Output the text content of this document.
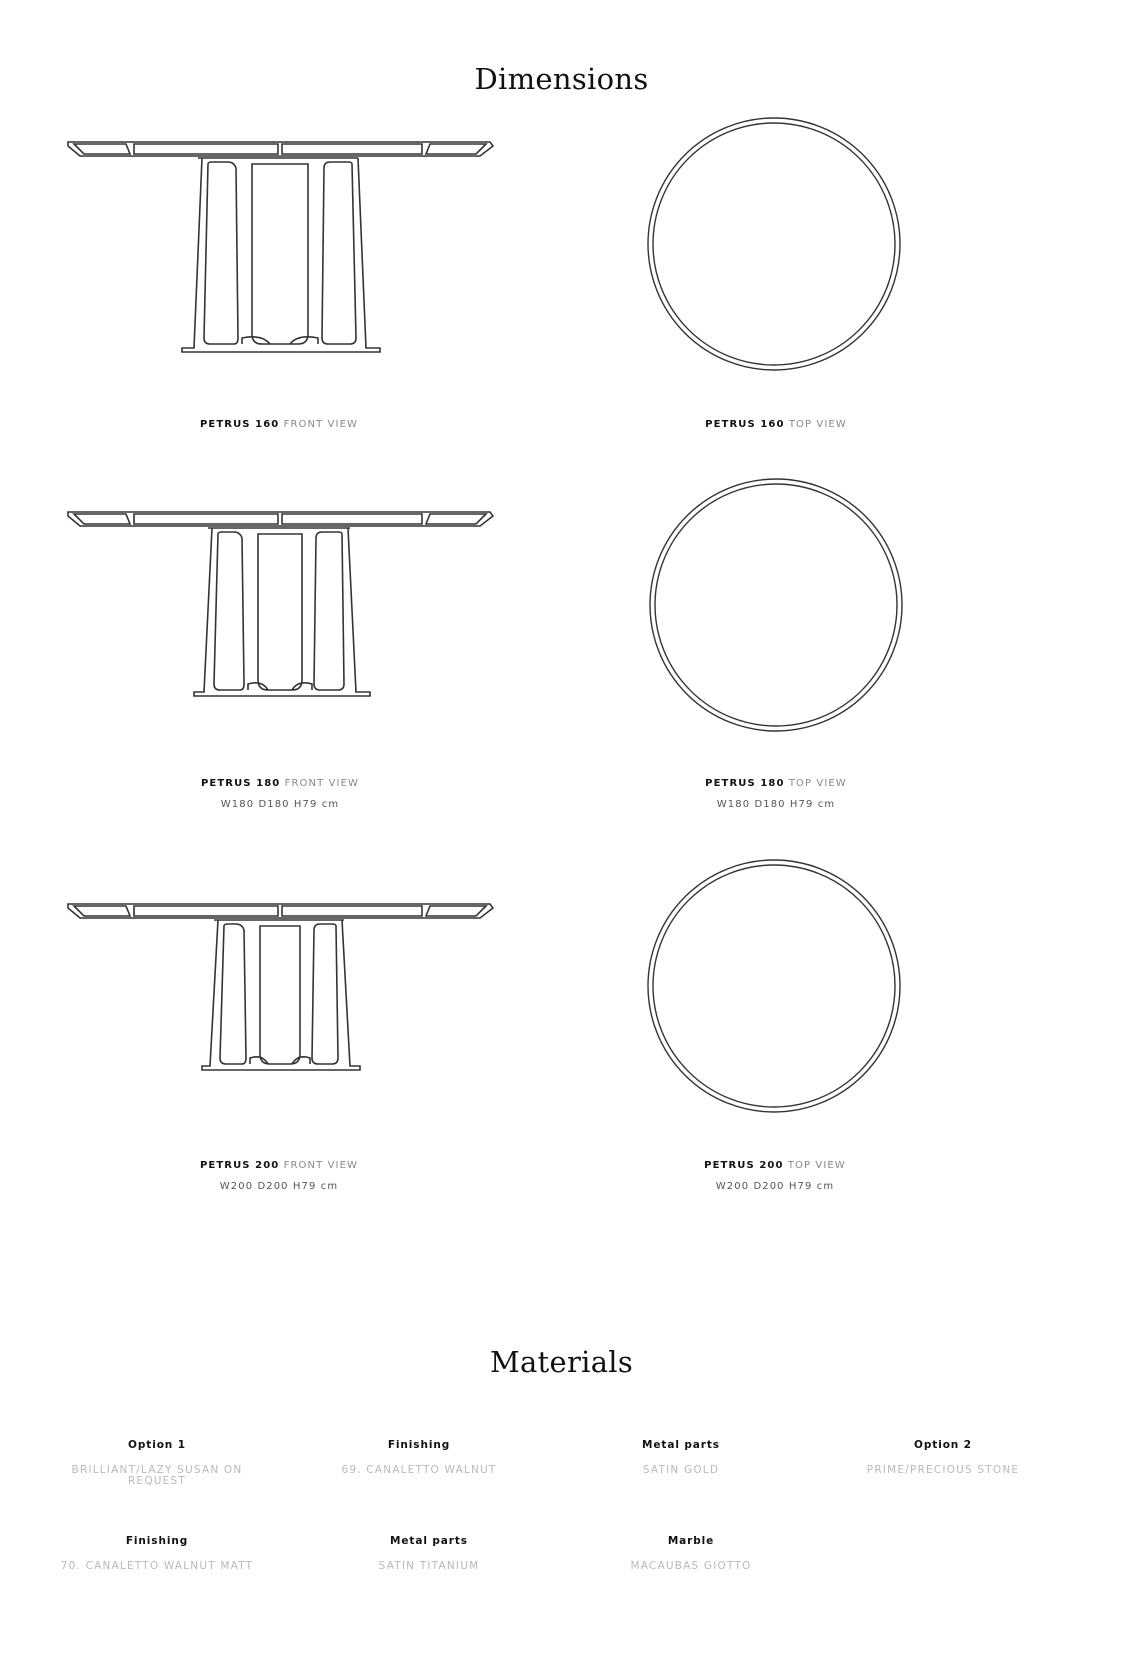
Dimensions
PETRUS 160 FRONT VIEW	PETRUS 160 TOP VIEW
PETRUS 180 FRONT VIEW
W180 D180 H79 cm
PETRUS 180 TOP VIEW
W180 D180 H79 cm
PETRUS 200 FRONT VIEW
W200 D200 H79 cm
PETRUS 200 TOP VIEW
W200 D200 H79 cm
Materials
Option 1
BRILLIANT/LAZY SUSAN ON REQUEST
Finishing
69. CANALETTO WALNUT
Metal parts
SATIN GOLD
Option 2
PRIME/PRECIOUS STONE
Finishing
70. CANALETTO WALNUT MATT
Metal parts
SATIN TITANIUM
Marble
MACAUBAS GIOTTO
